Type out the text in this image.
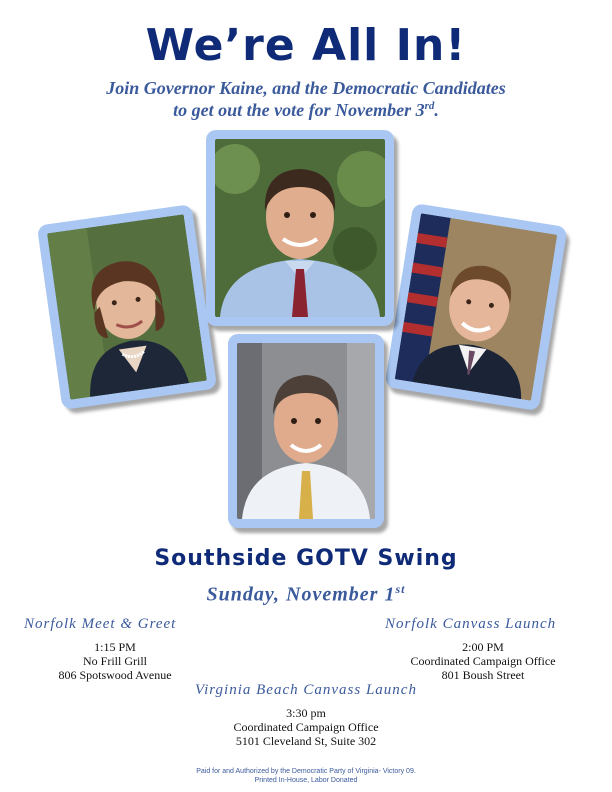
We’re All In!
Join Governor Kaine, and the Democratic Candidates
to get out the vote for November 3rd.
Southside GOTV Swing
Sunday, November 1st
Norfolk Meet & Greet
1:15 PM
No Frill Grill
806 Spotswood Avenue
Norfolk Canvass Launch
2:00 PM
Coordinated Campaign Office
801 Boush Street
Virginia Beach Canvass Launch
3:30 pm
Coordinated Campaign Office
5101 Cleveland St, Suite 302
Paid for and Authorized by the Democratic Party of Virginia- Victory 09.
Printed In-House, Labor Donated
